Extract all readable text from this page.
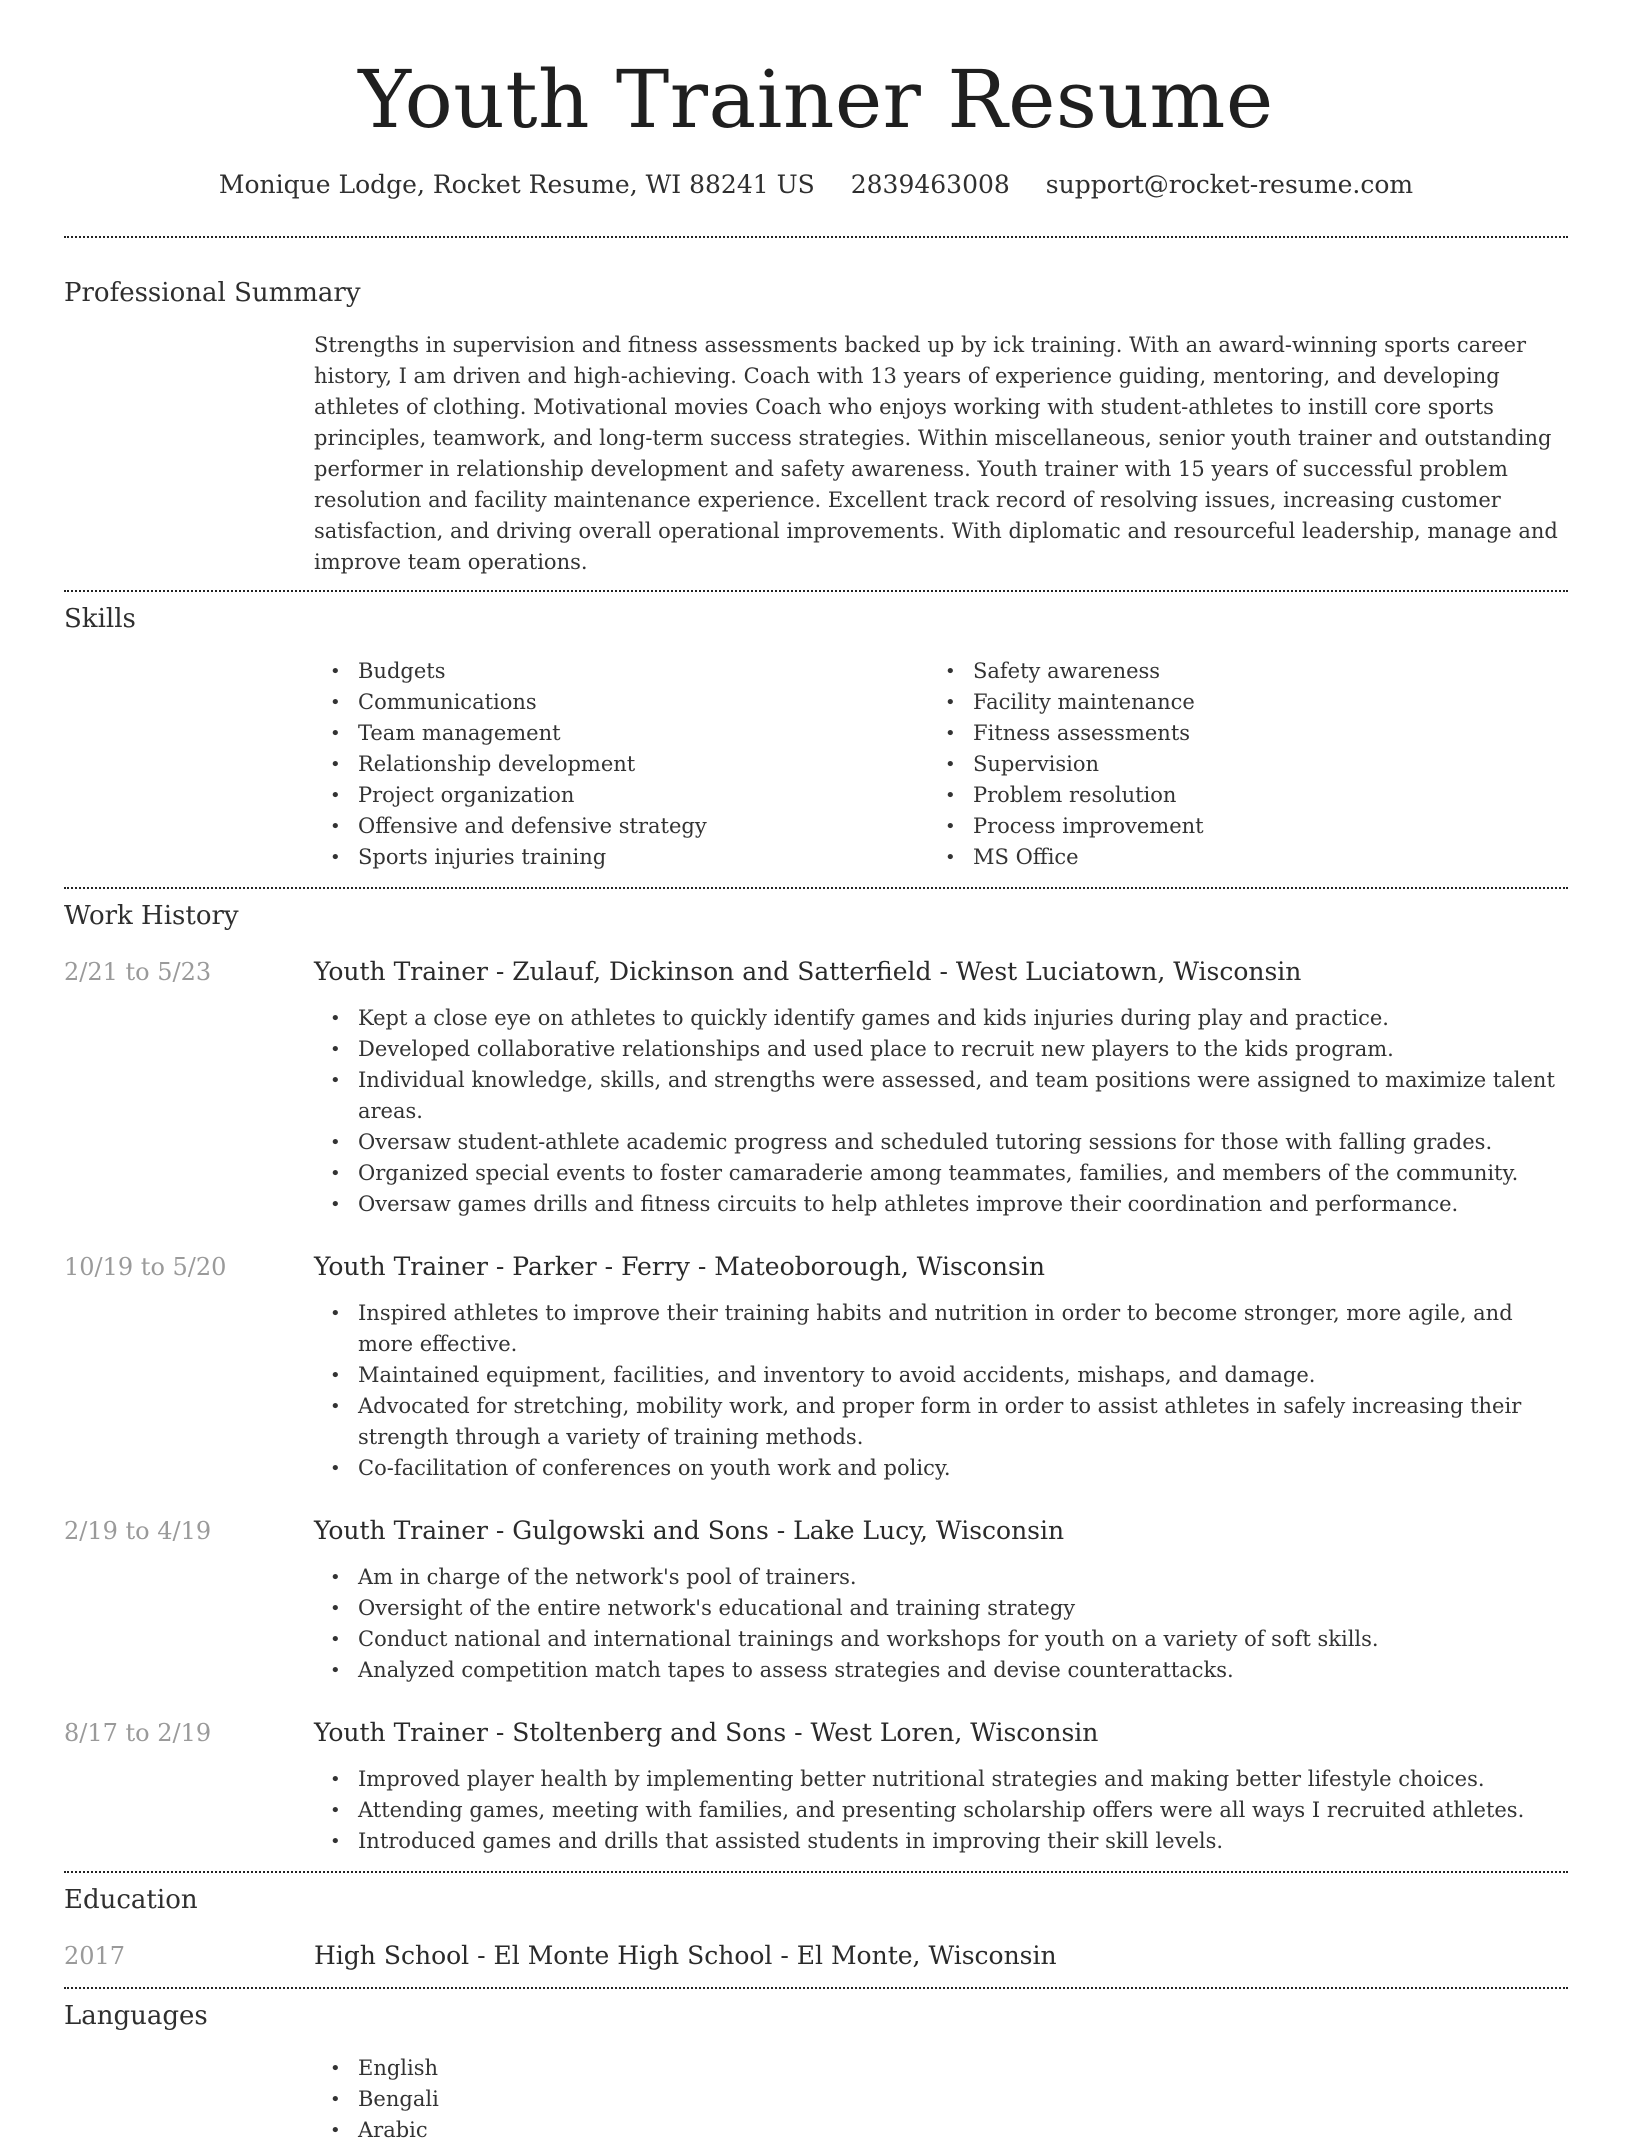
Youth Trainer Resume
Monique Lodge, Rocket Resume, WI 88241 US 2839463008 support@rocket-resume.com
Professional Summary

Strengths in supervision and fitness assessments backed up by ick training. With an award-winning sports career history, I am driven and high-achieving. Coach with 13 years of experience guiding, mentoring, and developing athletes of clothing. Motivational movies Coach who enjoys working with student-athletes to instill core sports principles, teamwork, and long-term success strategies. Within miscellaneous, senior youth trainer and outstanding performer in relationship development and safety awareness. Youth trainer with 15 years of successful problem resolution and facility maintenance experience. Excellent track record of resolving issues, increasing customer satisfaction, and driving overall operational improvements. With diplomatic and resourceful leadership, manage and improve team operations.

Skills
• Budgets
• Communications
• Team management
• Relationship development
• Project organization
• Offensive and defensive strategy
• Sports injuries training
• Safety awareness
• Facility maintenance
• Fitness assessments
• Supervision
• Problem resolution
• Process improvement
• MS Office
Work History
2/21 to 5/23	Youth Trainer - Zulauf, Dickinson and Satterfield - West Luciatown, Wisconsin
• Kept a close eye on athletes to quickly identify games and kids injuries during play and practice.
• Developed collaborative relationships and used place to recruit new players to the kids program.
• Individual knowledge, skills, and strengths were assessed, and team positions were assigned to maximize talent areas.
• Oversaw student-athlete academic progress and scheduled tutoring sessions for those with falling grades.
• Organized special events to foster camaraderie among teammates, families, and members of the community.
• Oversaw games drills and fitness circuits to help athletes improve their coordination and performance.
10/19 to 5/20	Youth Trainer - Parker - Ferry - Mateoborough, Wisconsin
• Inspired athletes to improve their training habits and nutrition in order to become stronger, more agile, and more effective.
• Maintained equipment, facilities, and inventory to avoid accidents, mishaps, and damage.
• Advocated for stretching, mobility work, and proper form in order to assist athletes in safely increasing their strength through a variety of training methods.
• Co-facilitation of conferences on youth work and policy.
2/19 to 4/19	Youth Trainer - Gulgowski and Sons - Lake Lucy, Wisconsin
• Am in charge of the network's pool of trainers.
• Oversight of the entire network's educational and training strategy
• Conduct national and international trainings and workshops for youth on a variety of soft skills.
• Analyzed competition match tapes to assess strategies and devise counterattacks.
8/17 to 2/19	Youth Trainer - Stoltenberg and Sons - West Loren, Wisconsin
• Improved player health by implementing better nutritional strategies and making better lifestyle choices.
• Attending games, meeting with families, and presenting scholarship offers were all ways I recruited athletes.
• Introduced games and drills that assisted students in improving their skill levels.
Education
2017	High School - El Monte High School - El Monte, Wisconsin
Languages
• English
• Bengali
• Arabic
